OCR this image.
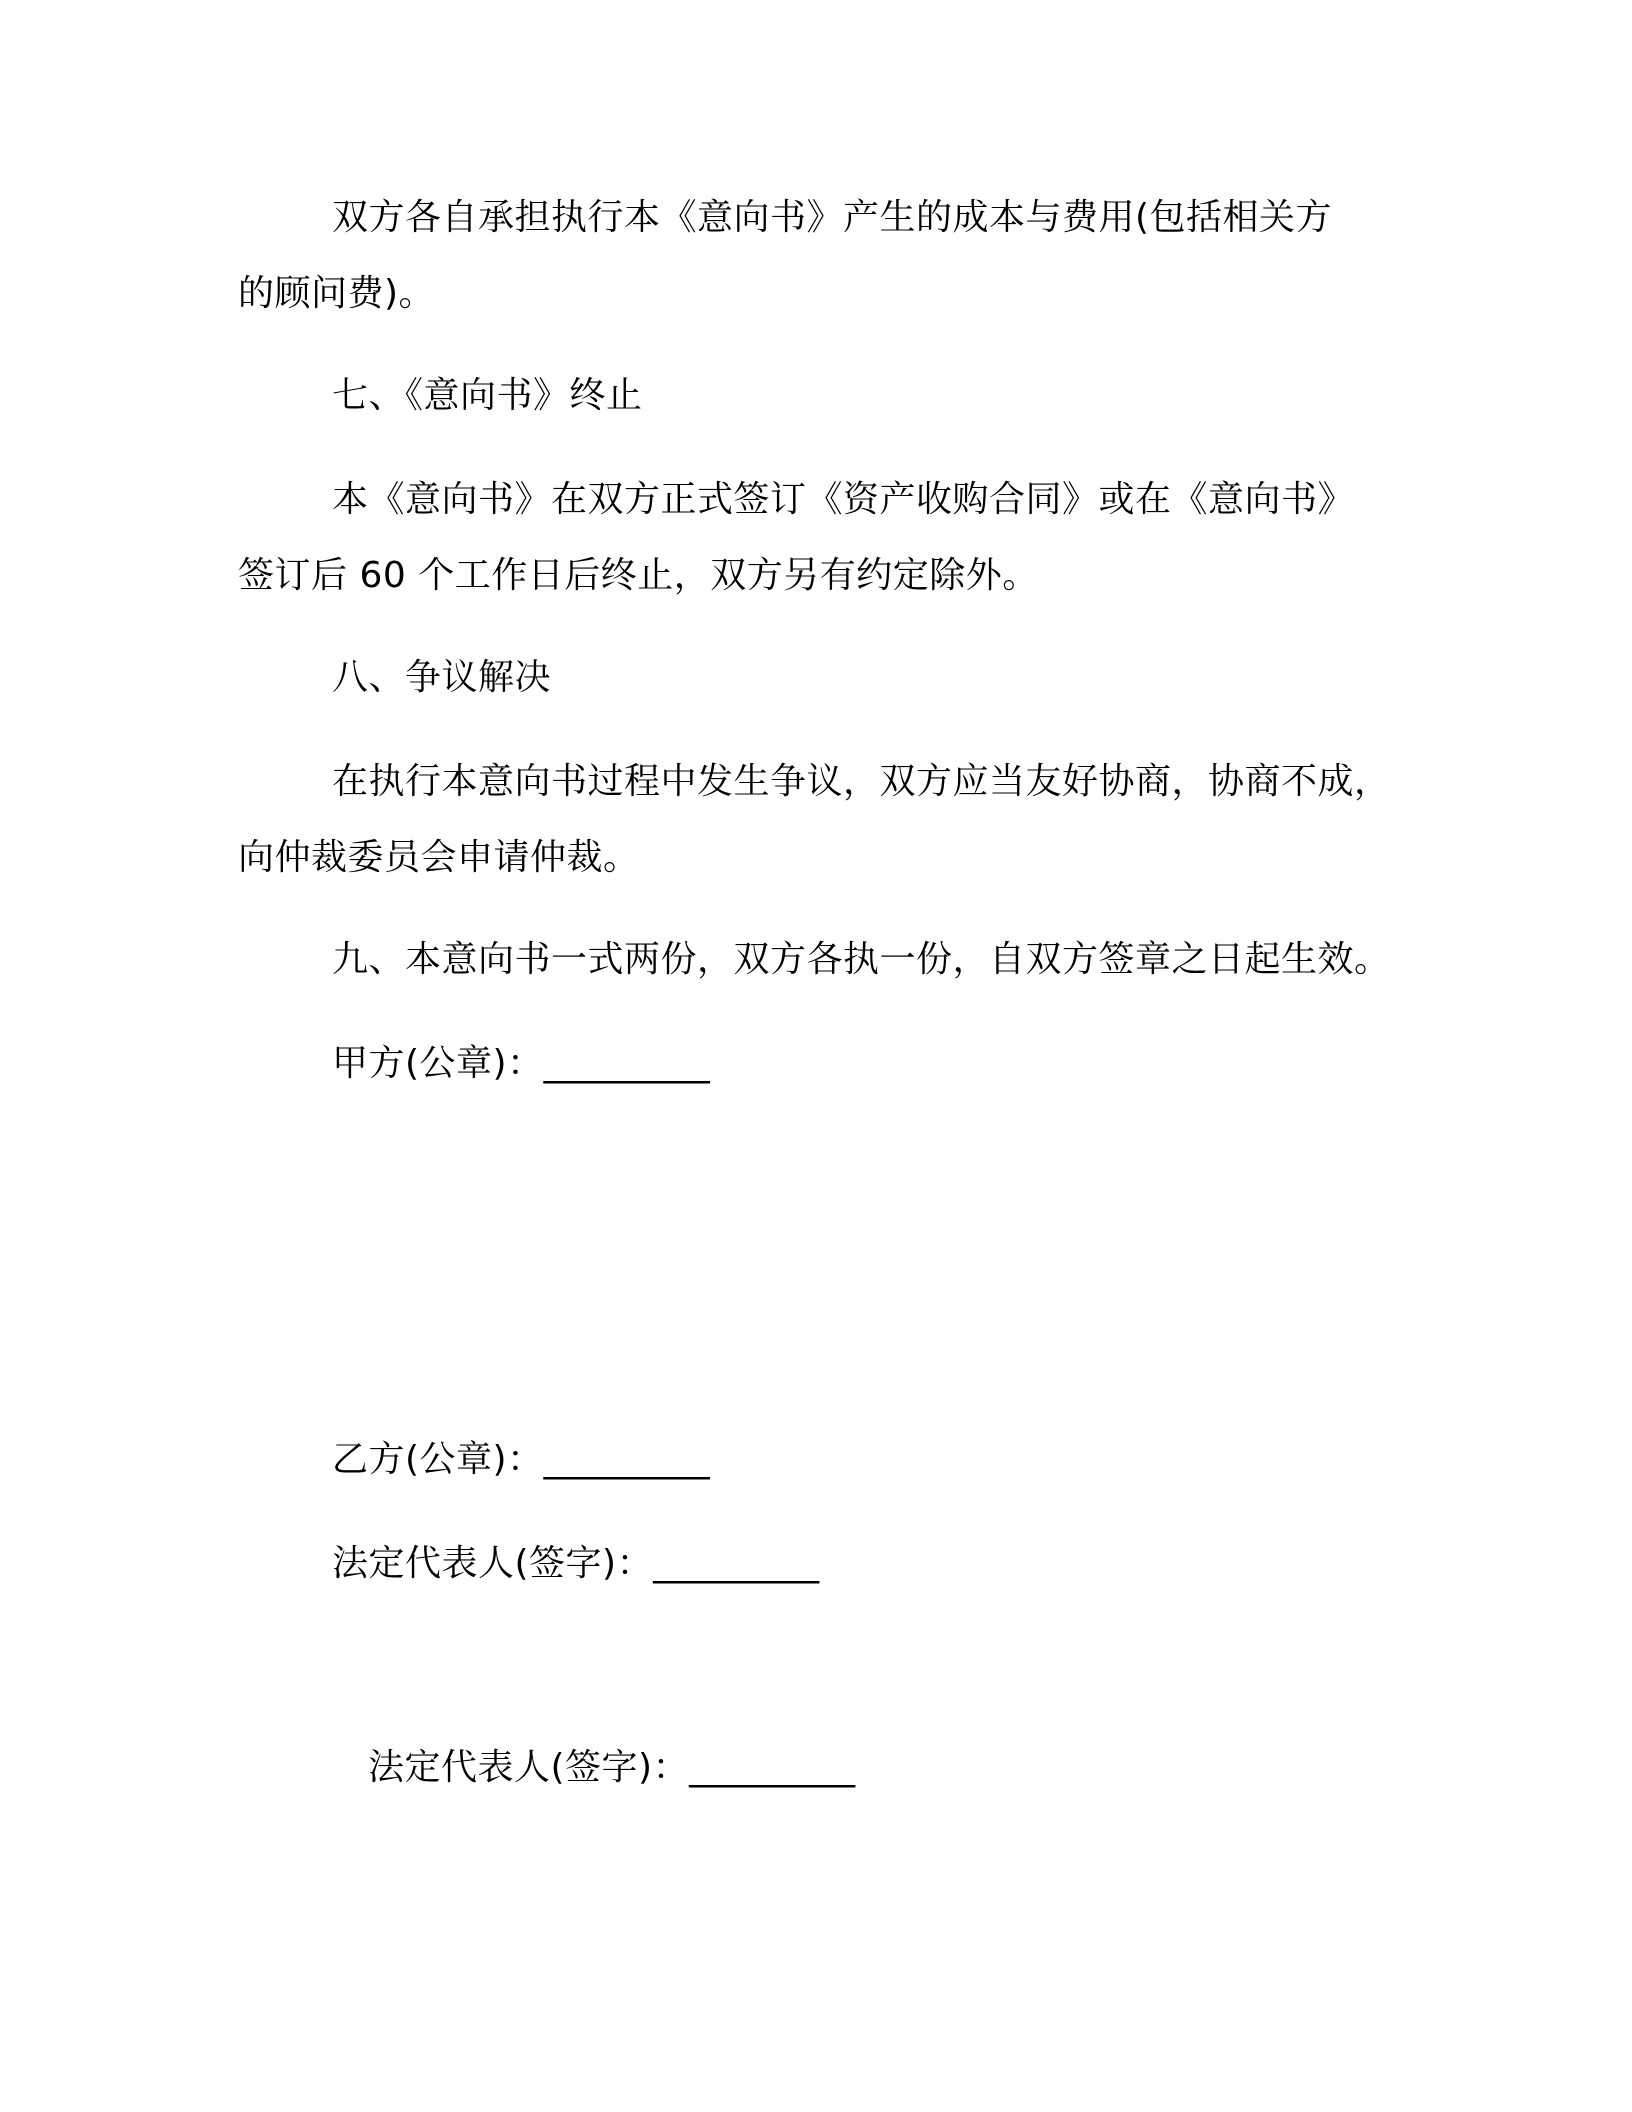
双方各自承担执行本《意向书》产生的成本与费用(包括相关方
的顾问费)。
七、《意向书》终止
本《意向书》在双方正式签订《资产收购合同》或在《意向书》
签订后 60 个工作日后终止，双方另有约定除外。
八、争议解决
在执行本意向书过程中发生争议，双方应当友好协商，协商不成，
向仲裁委员会申请仲裁。
九、本意向书一式两份，双方各执一份，自双方签章之日起生效。
甲方(公章)：_________
乙方(公章)：_________
法定代表人(签字)：_________
法定代表人(签字)：_________
